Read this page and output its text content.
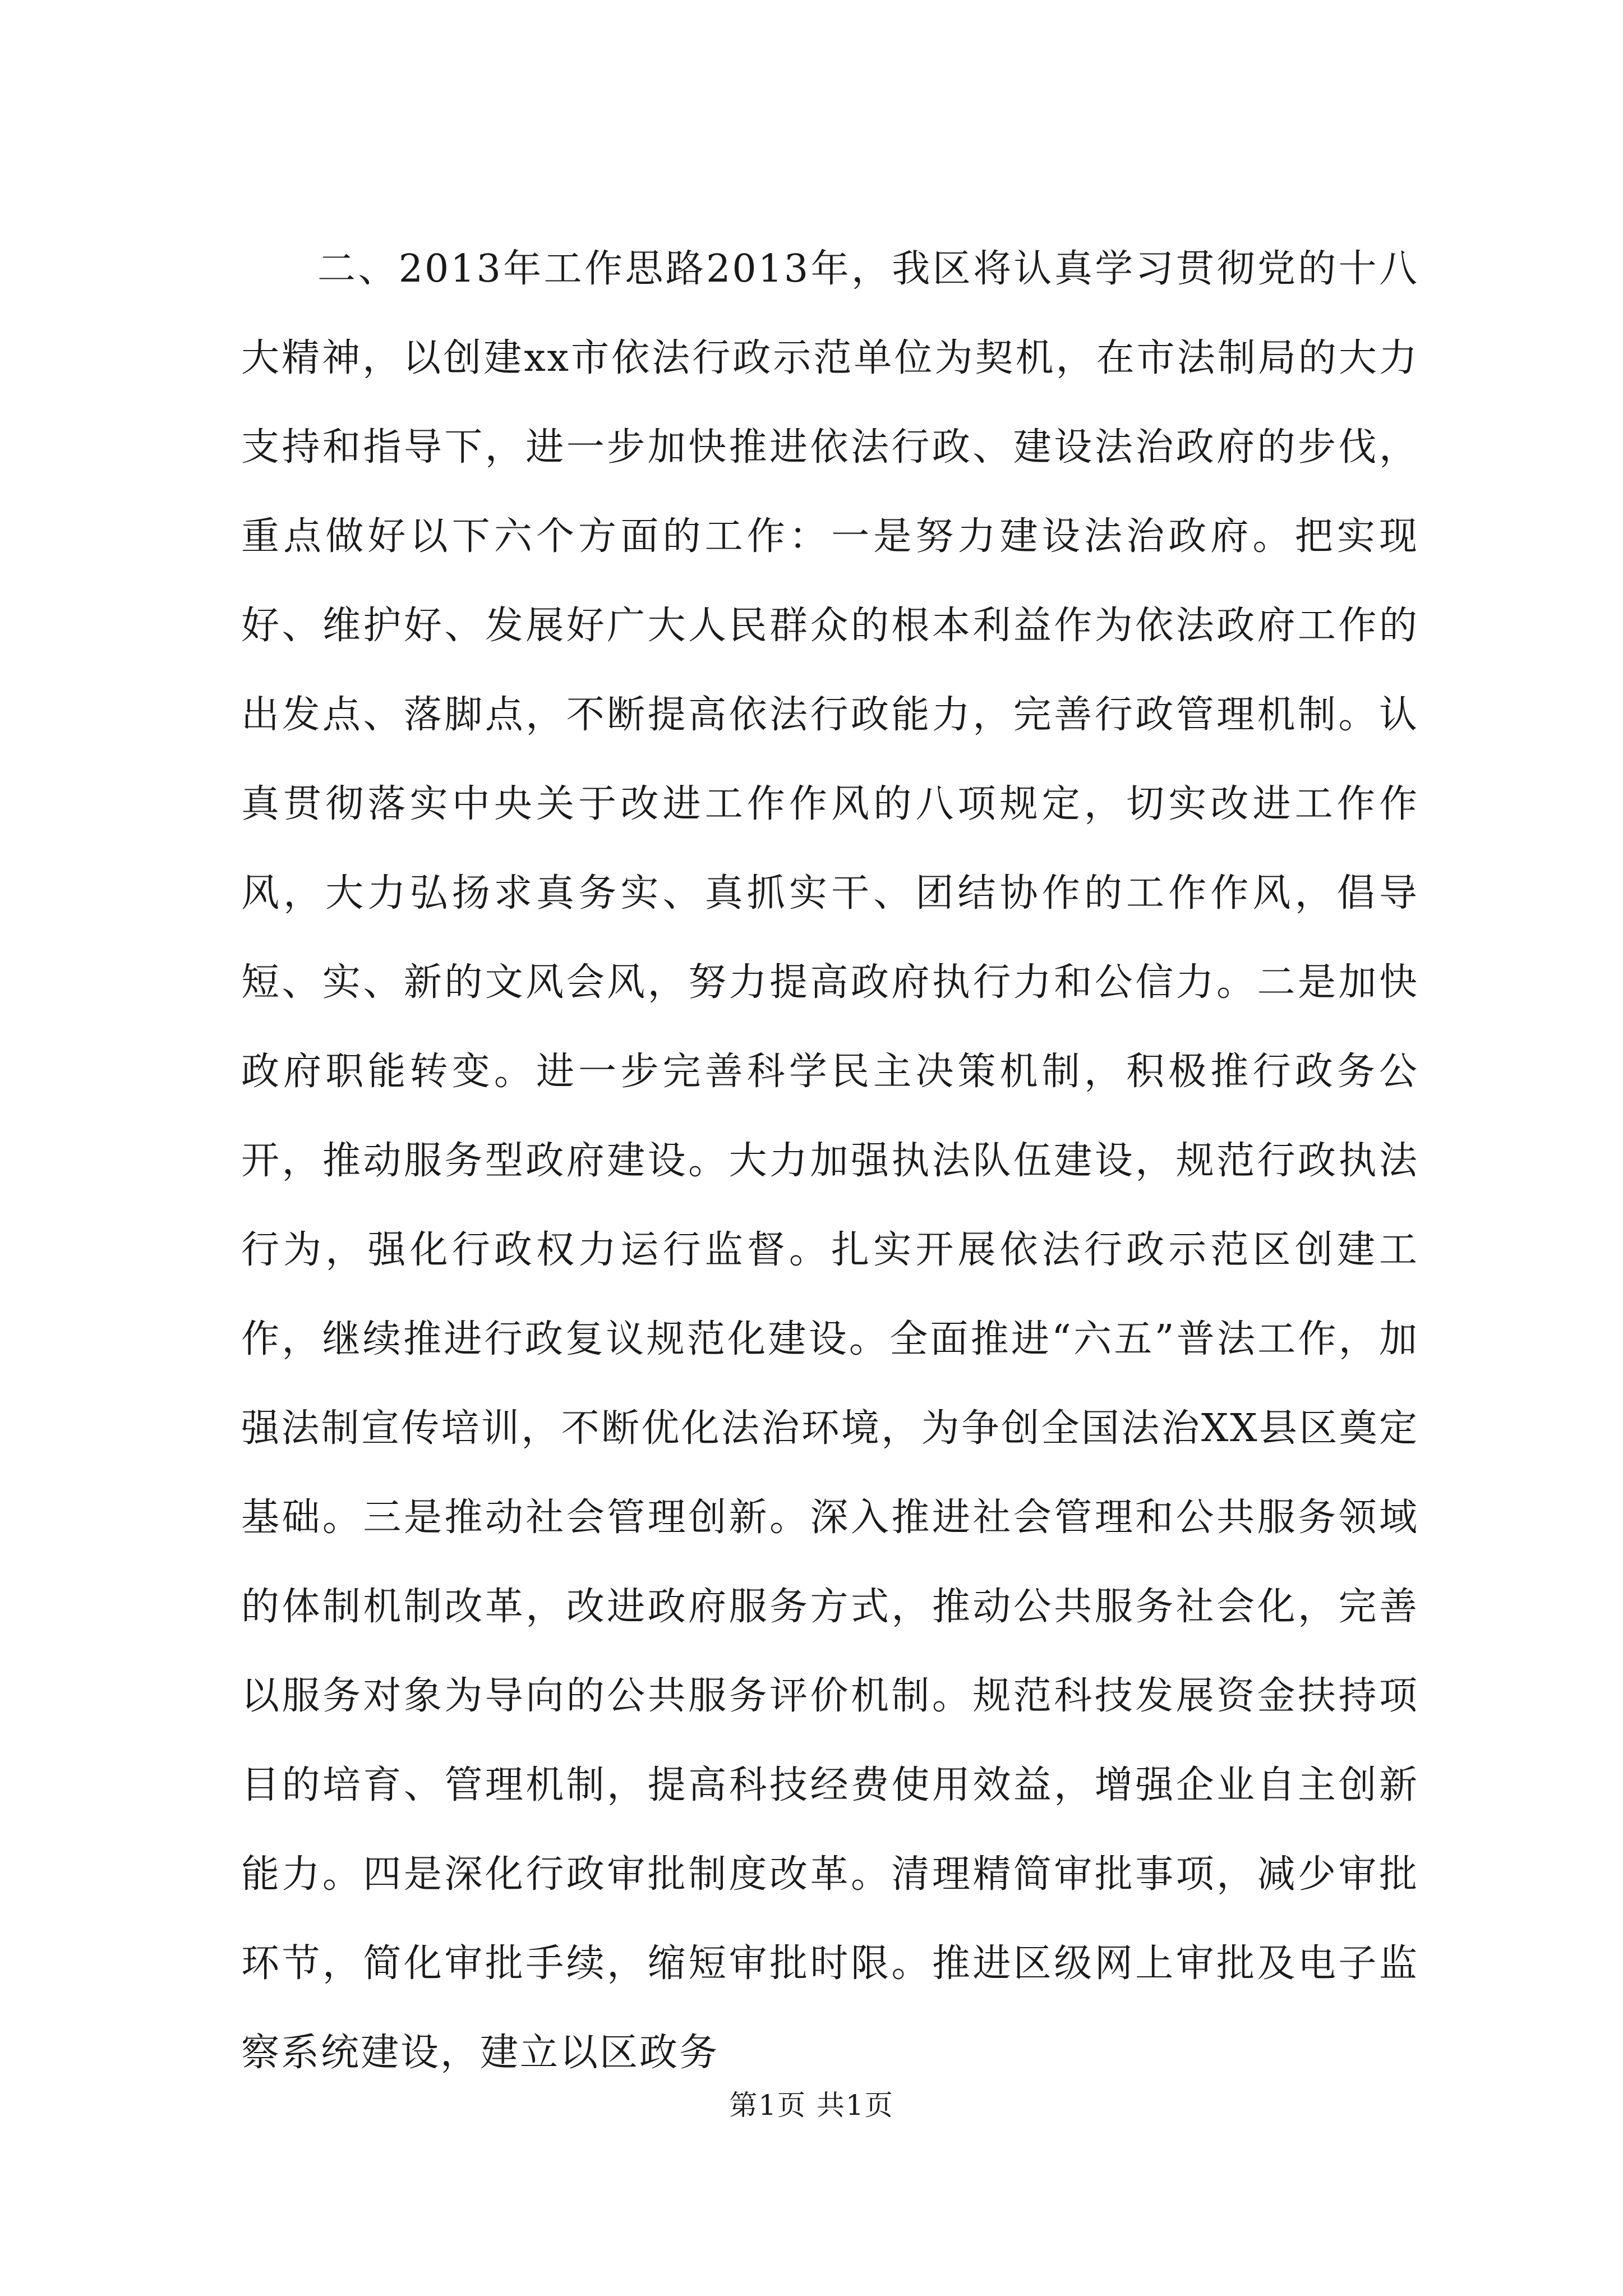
二、2013年工作思路2013年，我区将认真学习贯彻党的十八大精神，以创建xx市依法行政示范单位为契机，在市法制局的大力支持和指导下，进一步加快推进依法行政、建设法治政府的步伐，重点做好以下六个方面的工作：一是努力建设法治政府。把实现好、维护好、发展好广大人民群众的根本利益作为依法政府工作的出发点、落脚点，不断提高依法行政能力，完善行政管理机制。认真贯彻落实中央关于改进工作作风的八项规定，切实改进工作作风，大力弘扬求真务实、真抓实干、团结协作的工作作风，倡导短、实、新的文风会风，努力提高政府执行力和公信力。二是加快政府职能转变。进一步完善科学民主决策机制，积极推行政务公开，推动服务型政府建设。大力加强执法队伍建设，规范行政执法行为，强化行政权力运行监督。扎实开展依法行政示范区创建工作，继续推进行政复议规范化建设。全面推进“六五”普法工作，加强法制宣传培训，不断优化法治环境，为争创全国法治XX县区奠定基础。三是推动社会管理创新。深入推进社会管理和公共服务领域的体制机制改革，改进政府服务方式，推动公共服务社会化，完善以服务对象为导向的公共服务评价机制。规范科技发展资金扶持项目的培育、管理机制，提高科技经费使用效益，增强企业自主创新能力。四是深化行政审批制度改革。清理精简审批事项，减少审批环节，简化审批手续，缩短审批时限。推进区级网上审批及电子监察系统建设，建立以区政务

第1页 共1页
